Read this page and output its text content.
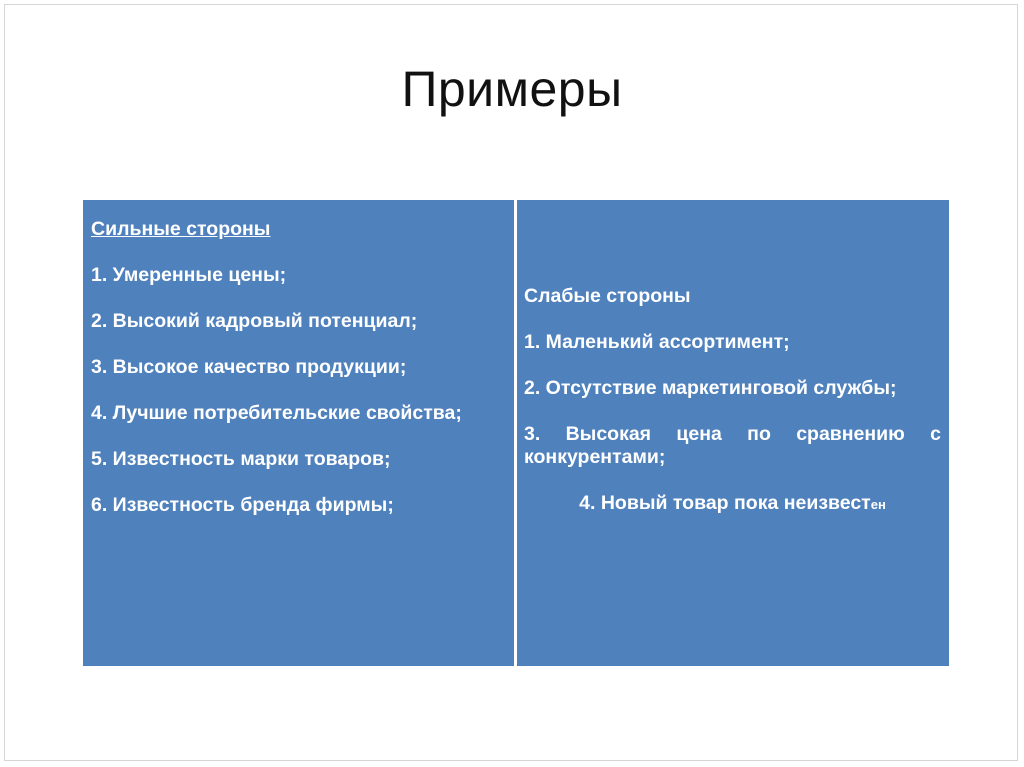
Примеры
Сильные стороны
1. Умеренные цены;
2. Высокий кадровый потенциал;
3. Высокое качество продукции;
4. Лучшие потребительские свойства;
5. Известность марки товаров;
6. Известность бренда фирмы;
Слабые стороны
1. Маленький ассортимент;
2. Отсутствие маркетинговой службы;
3. Высокая цена по сравнению с конкурентами;
4. Новый товар пока неизвестен
